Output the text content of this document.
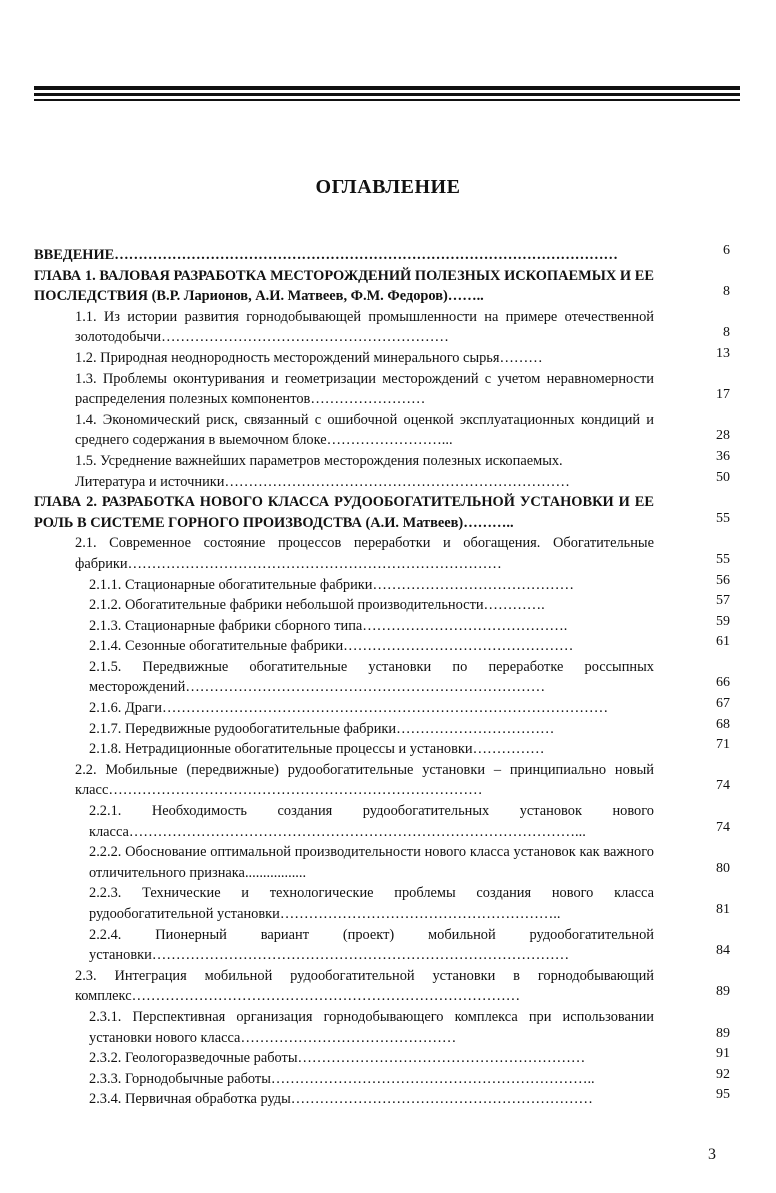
ОГЛАВЛЕНИЕ
ВВЕДЕНИЕ……………………………………………………………………………………………	6
ГЛАВА 1. ВАЛОВАЯ РАЗРАБОТКА МЕСТОРОЖДЕНИЙ ПОЛЕЗНЫХ ИСКОПАЕМЫХ И ЕЕ ПОСЛЕДСТВИЯ (В.Р. Ларионов, А.И. Матвеев, Ф.М. Федоров)……..	8
1.1. Из истории развития горнодобывающей промышленности на примере отечественной золотодобычи……………………………………………………	8
1.2. Природная неоднородность месторождений минерального сырья………	13
1.3. Проблемы оконтуривания и геометризации месторождений с учетом неравномерности распределения полезных компонентов……………………	17
1.4. Экономический риск, связанный с ошибочной оценкой эксплуатационных кондиций и среднего содержания в выемочном блоке……………………...	28
1.5. Усреднение важнейших параметров месторождения полезных ископаемых.	36
Литература и источники………………………………………………………………	50
ГЛАВА 2. РАЗРАБОТКА НОВОГО КЛАССА РУДООБОГАТИТЕЛЬНОЙ УСТАНОВКИ И ЕЕ РОЛЬ В СИСТЕМЕ ГОРНОГО ПРОИЗВОДСТВА (А.И. Матвеев)………..	55
2.1. Современное состояние процессов переработки и обогащения. Обогатительные фабрики……………………………………………………………………	55
2.1.1. Стационарные обогатительные фабрики……………………………………	56
2.1.2. Обогатительные фабрики небольшой производительности………….	57
2.1.3. Стационарные фабрики сборного типа…………………………………….	59
2.1.4. Сезонные обогатительные фабрики…………………………………………	61
2.1.5. Передвижные обогатительные установки по переработке россыпных месторождений…………………………………………………………………	66
2.1.6. Драги…………………………………………………………………………………	67
2.1.7. Передвижные рудообогатительные фабрики……………………………	68
2.1.8. Нетрадиционные обогатительные процессы и установки……………	71
2.2. Мобильные (передвижные) рудообогатительные установки – принципиально новый класс……………………………………………………………………	74
2.2.1. Необходимость создания рудообогатительных установок нового класса…………………………………………………………………………………...	74
2.2.2. Обоснование оптимальной производительности нового класса установок как важного отличительного признака.................	80
2.2.3. Технические и технологические проблемы создания нового класса рудообогатительной установки…………………………………………………..	81
2.2.4. Пионерный вариант (проект) мобильной рудообогатительной установки……………………………………………………………………………	84
2.3. Интеграция мобильной рудообогатительной установки в горнодобывающий комплекс………………………………………………………………………	89
2.3.1. Перспективная организация горнодобывающего комплекса при использовании установки нового класса………………………………………	89
2.3.2. Геологоразведочные работы……………………………………………………	91
2.3.3. Горнодобычные работы…………………………………………………………..	92
2.3.4. Первичная обработка руды………………………………………………………	95
3
